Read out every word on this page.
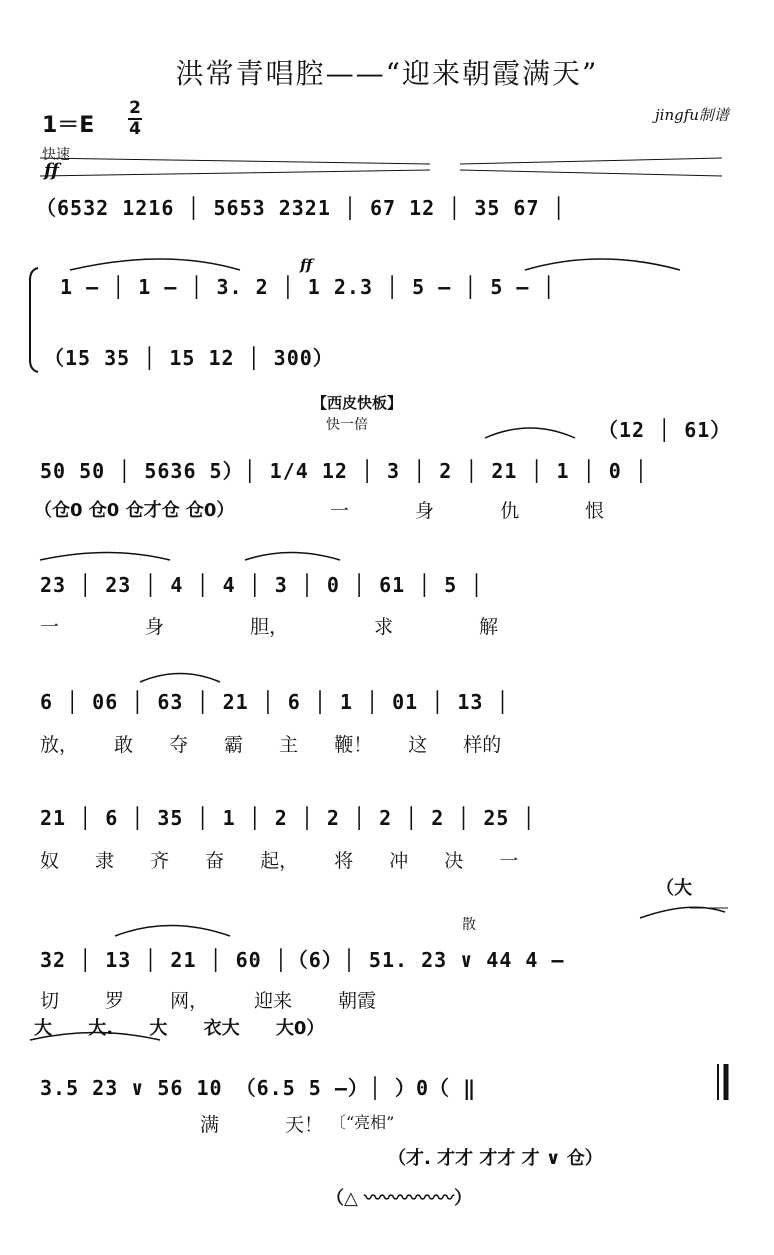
洪常青唱腔——“迎来朝霞满天”
1＝E
2
4
jingfu制谱
快速
ff
（6532 1216 │ 5653 2321 │ 67 12 │ 35 67 │
1 — │ 1 — │ 3. 2 │ 1 2.3 │ 5 — │ 5 — │
ff
（15 35 │ 15 12 │ 300）
【西皮快板】
快一倍	（12 │ 61）
50 50 │ 5636 5）│ 1/4 12 │ 3 │ 2 │ 21 │ 1 │ 0 │
（仓0 仓0 仓才仓 仓0）	一 身 仇 恨
23 │ 23 │ 4 │ 4 │ 3 │ 0 │ 61 │ 5 │
一 身 胆， 求 解
6 │ 06 │ 63 │ 21 │ 6 │ 1 │ 01 │ 13 │
放， 敢 夺 霸 主 鞭！ 这 样的
21 │ 6 │ 35 │ 1 │ 2 │ 2 │ 2 │ 2 │ 25 │
奴 隶 齐 奋 起， 将 冲 决 一
（大
散
32 │ 13 │ 21 │ 60 │（6）│ 51. 23 ∨ 44 4 —
切 罗 网， 迎来 朝霞
大 大. 大 衣大 大0）
3.5 23 ∨ 56 10 （6.5 5 —）│ ）0（ ‖
满 天！ 〔“亮相”
（才. 才才 才才 才 ∨ 仓）
（△ 〰〰〰〰〰）
